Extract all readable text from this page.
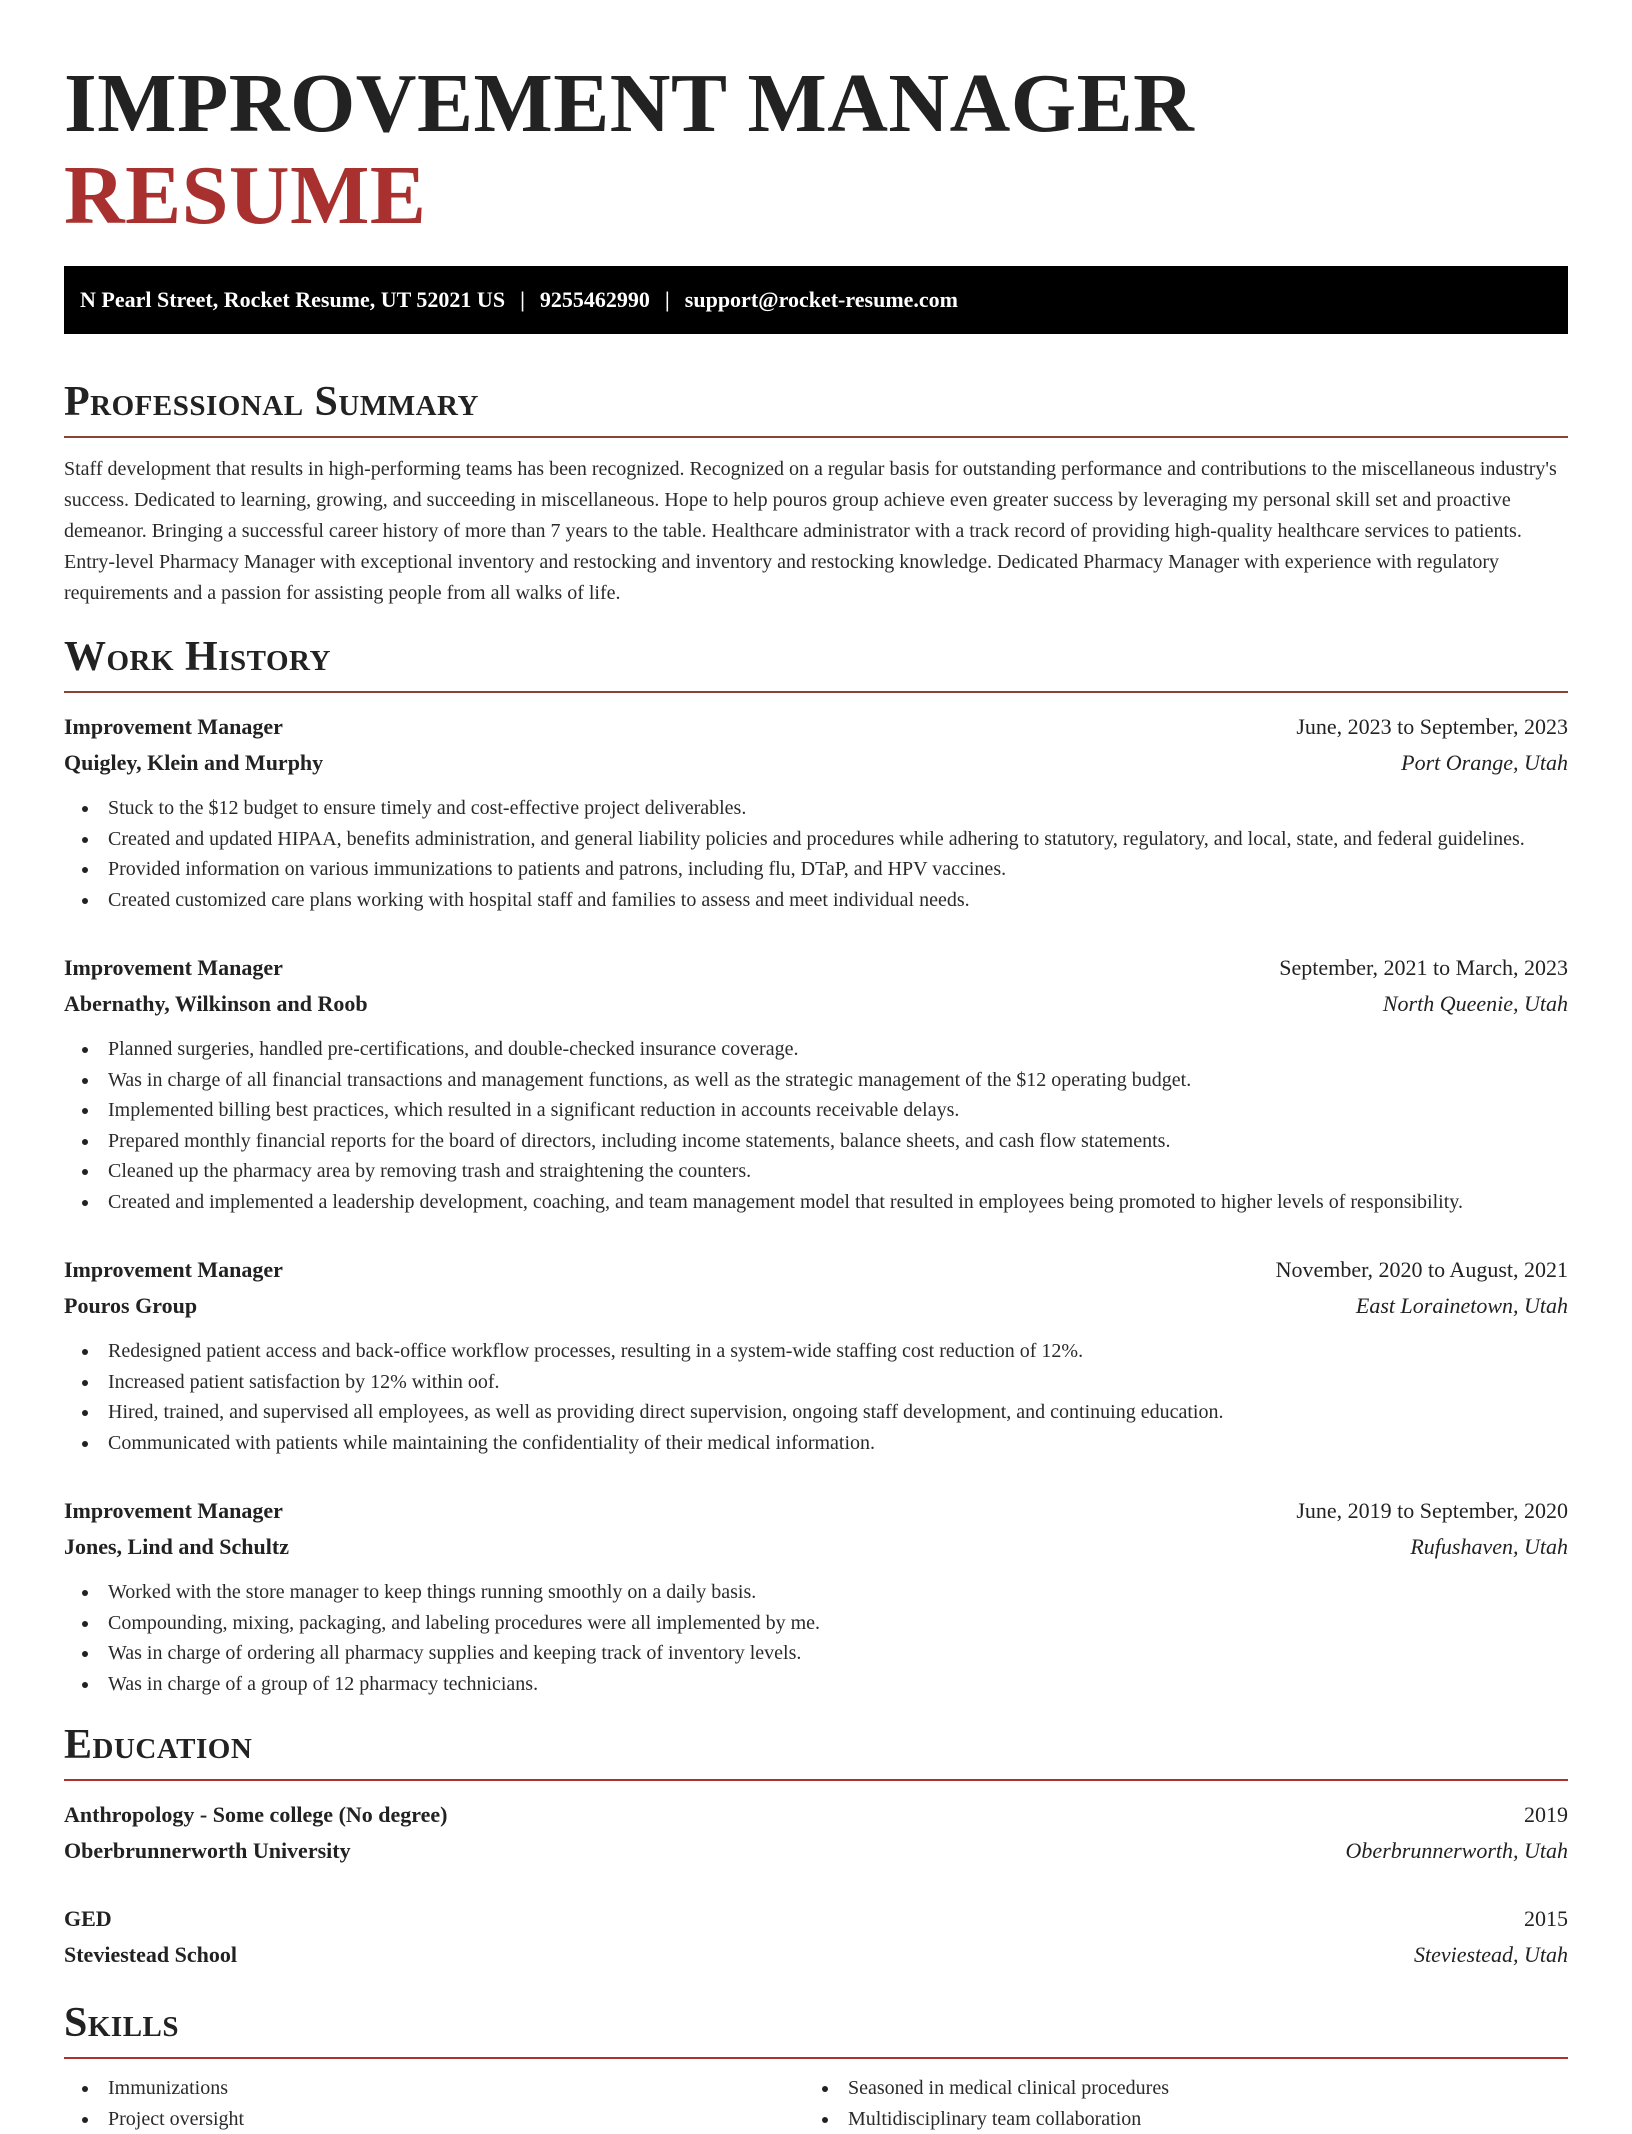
IMPROVEMENT MANAGER RESUME
N Pearl Street, Rocket Resume, UT 52021 US | 9255462990 | support@rocket-resume.com
Professional Summary

Staff development that results in high-performing teams has been recognized. Recognized on a regular basis for outstanding performance and contributions to the miscellaneous industry's success. Dedicated to learning, growing, and succeeding in miscellaneous. Hope to help pouros group achieve even greater success by leveraging my personal skill set and proactive demeanor. Bringing a successful career history of more than 7 years to the table. Healthcare administrator with a track record of providing high-quality healthcare services to patients. Entry-level Pharmacy Manager with exceptional inventory and restocking and inventory and restocking knowledge. Dedicated Pharmacy Manager with experience with regulatory requirements and a passion for assisting people from all walks of life.

Work History
Improvement Manager	June, 2023 to September, 2023
Quigley, Klein and Murphy	Port Orange, Utah
Stuck to the $12 budget to ensure timely and cost-effective project deliverables.
Created and updated HIPAA, benefits administration, and general liability policies and procedures while adhering to statutory, regulatory, and local, state, and federal guidelines.
Provided information on various immunizations to patients and patrons, including flu, DTaP, and HPV vaccines.
Created customized care plans working with hospital staff and families to assess and meet individual needs.
Improvement Manager	September, 2021 to March, 2023
Abernathy, Wilkinson and Roob	North Queenie, Utah
Planned surgeries, handled pre-certifications, and double-checked insurance coverage.
Was in charge of all financial transactions and management functions, as well as the strategic management of the $12 operating budget.
Implemented billing best practices, which resulted in a significant reduction in accounts receivable delays.
Prepared monthly financial reports for the board of directors, including income statements, balance sheets, and cash flow statements.
Cleaned up the pharmacy area by removing trash and straightening the counters.
Created and implemented a leadership development, coaching, and team management model that resulted in employees being promoted to higher levels of responsibility.
Improvement Manager	November, 2020 to August, 2021
Pouros Group	East Lorainetown, Utah
Redesigned patient access and back-office workflow processes, resulting in a system-wide staffing cost reduction of 12%.
Increased patient satisfaction by 12% within oof.
Hired, trained, and supervised all employees, as well as providing direct supervision, ongoing staff development, and continuing education.
Communicated with patients while maintaining the confidentiality of their medical information.
Improvement Manager	June, 2019 to September, 2020
Jones, Lind and Schultz	Rufushaven, Utah
Worked with the store manager to keep things running smoothly on a daily basis.
Compounding, mixing, packaging, and labeling procedures were all implemented by me.
Was in charge of ordering all pharmacy supplies and keeping track of inventory levels.
Was in charge of a group of 12 pharmacy technicians.
Education
Anthropology - Some college (No degree)	2019
Oberbrunnerworth University	Oberbrunnerworth, Utah
GED	2015
Steviestead School	Steviestead, Utah
Skills
Immunizations
Project oversight
Seasoned in medical clinical procedures
Multidisciplinary team collaboration
